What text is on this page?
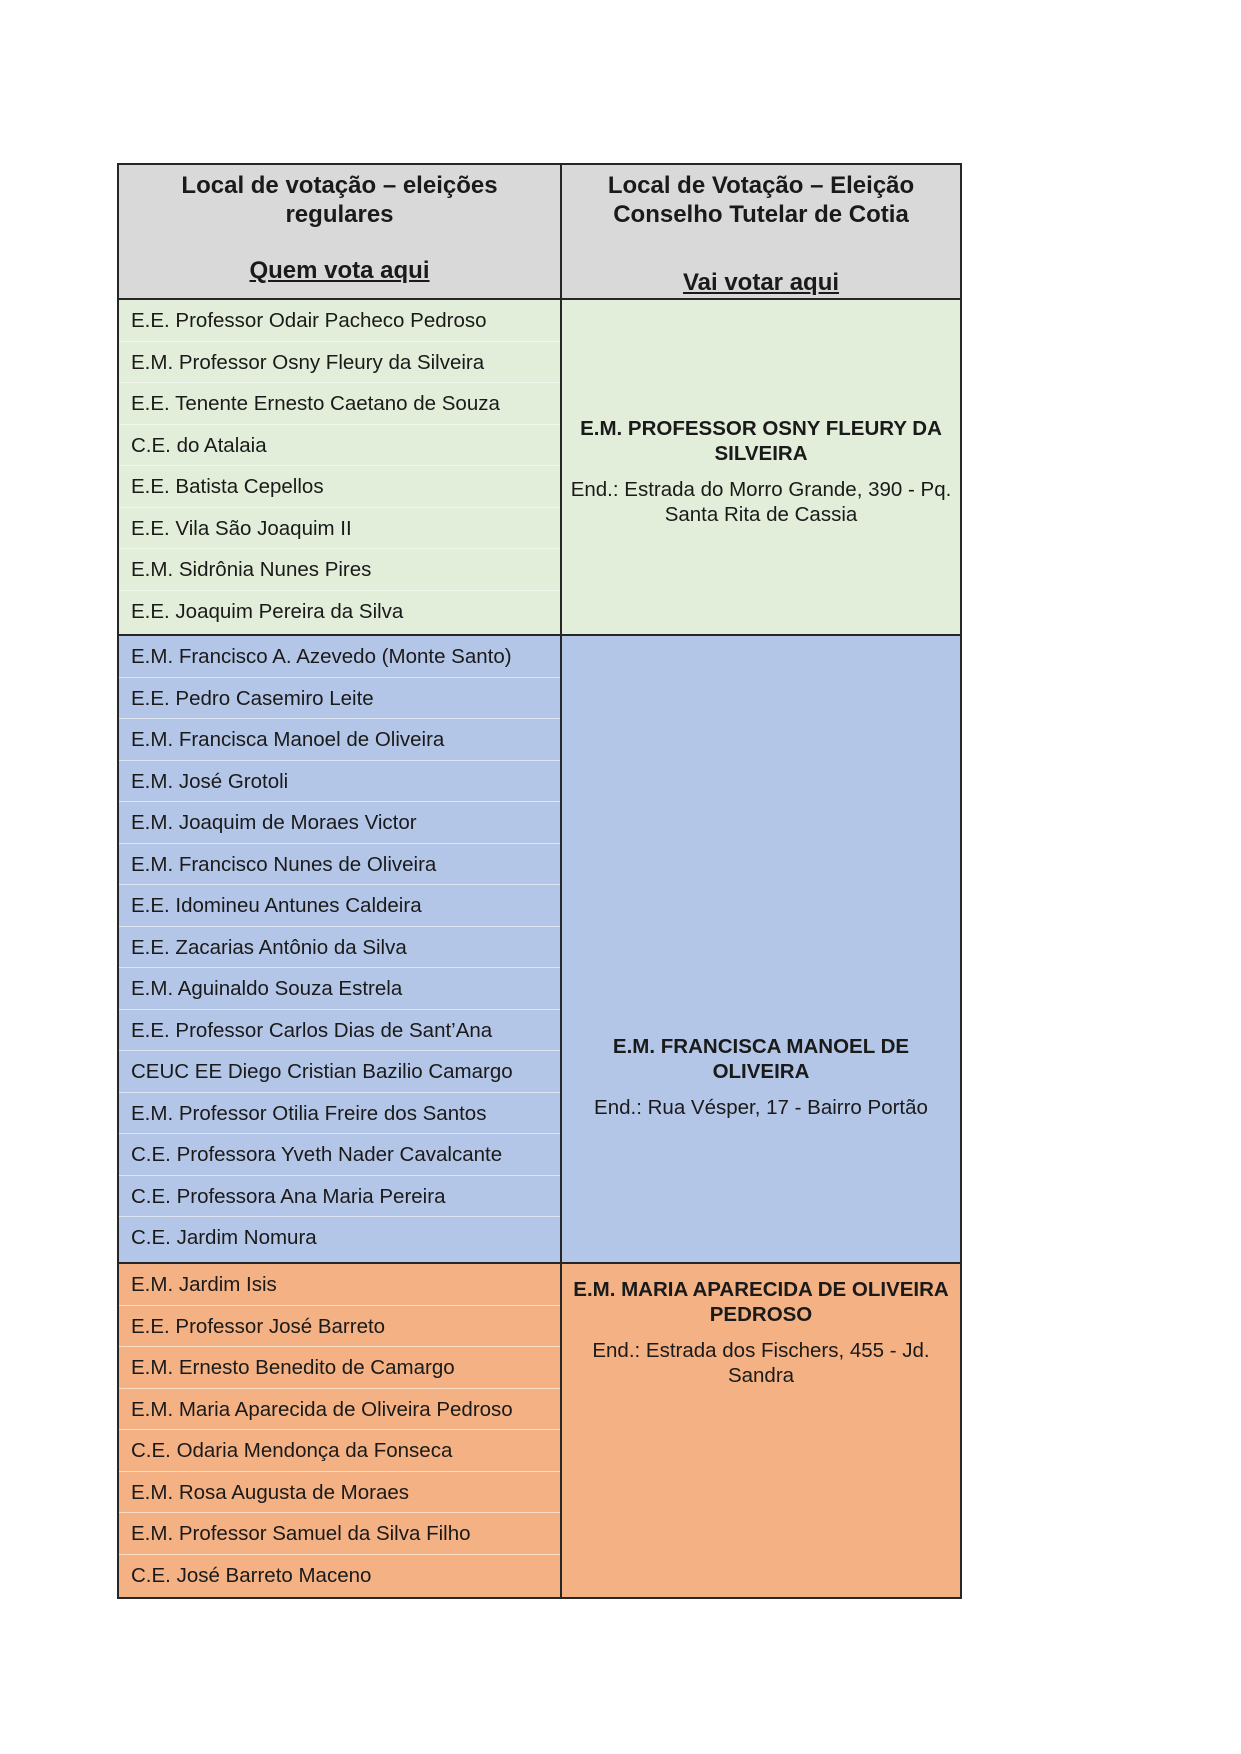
Local de votação – eleições
regulares
Quem vota aqui
Local de Votação – Eleição
Conselho Tutelar de Cotia
Vai votar aqui
E.E. Professor Odair Pacheco Pedroso
E.M. Professor Osny Fleury da Silveira
E.E. Tenente Ernesto Caetano de Souza
C.E. do Atalaia
E.E. Batista Cepellos
E.E. Vila São Joaquim II
E.M. Sidrônia Nunes Pires
E.E. Joaquim Pereira da Silva
E.M. PROFESSOR OSNY FLEURY DA
SILVEIRA
End.: Estrada do Morro Grande, 390 - Pq.
Santa Rita de Cassia
E.M. Francisco A. Azevedo (Monte Santo)
E.E. Pedro Casemiro Leite
E.M. Francisca Manoel de Oliveira
E.M. José Grotoli
E.M. Joaquim de Moraes Victor
E.M. Francisco Nunes de Oliveira
E.E. Idomineu Antunes Caldeira
E.E. Zacarias Antônio da Silva
E.M. Aguinaldo Souza Estrela
E.E. Professor Carlos Dias de Sant’Ana
CEUC EE Diego Cristian Bazilio Camargo
E.M. Professor Otilia Freire dos Santos
C.E. Professora Yveth Nader Cavalcante
C.E. Professora Ana Maria Pereira
C.E. Jardim Nomura
E.M. FRANCISCA MANOEL DE
OLIVEIRA
End.: Rua Vésper, 17 - Bairro Portão
E.M. Jardim Isis
E.E. Professor José Barreto
E.M. Ernesto Benedito de Camargo
E.M. Maria Aparecida de Oliveira Pedroso
C.E. Odaria Mendonça da Fonseca
E.M. Rosa Augusta de Moraes
E.M. Professor Samuel da Silva Filho
C.E. José Barreto Maceno
E.M. MARIA APARECIDA DE OLIVEIRA
PEDROSO
End.: Estrada dos Fischers, 455 - Jd.
Sandra
